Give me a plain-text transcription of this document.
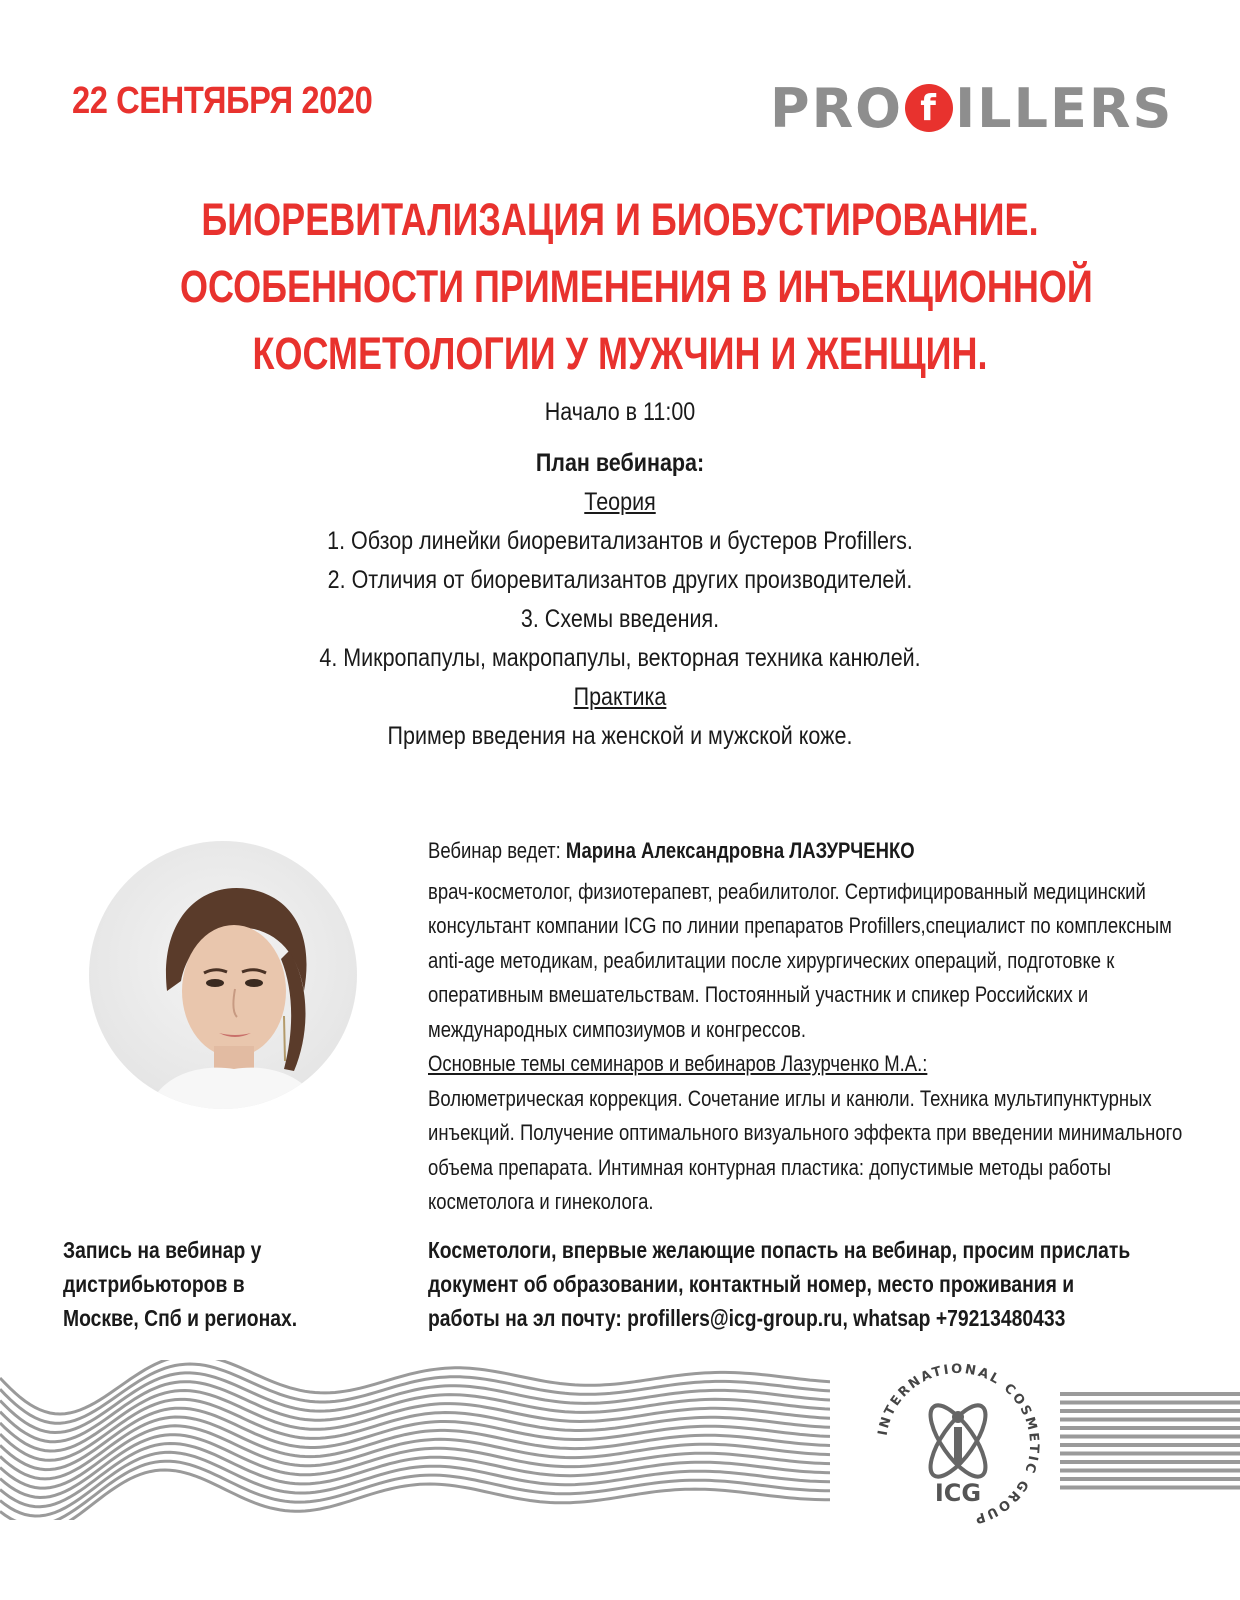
22 СЕНТЯБРЯ 2020	PRO f ILLERS
БИОРЕВИТАЛИЗАЦИЯ И БИОБУСТИРОВАНИЕ.
ОСОБЕННОСТИ ПРИМЕНЕНИЯ В ИНЪЕКЦИОННОЙ
КОСМЕТОЛОГИИ У МУЖЧИН И ЖЕНЩИН.
Начало в 11:00
План вебинара:
Теория
1. Обзор линейки биоревитализантов и бустеров Profillers.
2. Отличия от биоревитализантов других производителей.
3. Схемы введения.
4. Микропапулы, макропапулы, векторная техника канюлей.
Практика
Пример введения на женской и мужской коже.
Вебинар ведет: Марина Александровна ЛАЗУРЧЕНКО
врач-косметолог, физиотерапевт, реабилитолог. Сертифицированный медицинский
консультант компании ICG по линии препаратов Profillers,специалист по комплексным
anti-age методикам, реабилитации после хирургических операций, подготовке к
оперативным вмешательствам. Постоянный участник и спикер Российских и
международных симпозиумов и конгрессов.
Основные темы семинаров и вебинаров Лазурченко М.А.:
Волюметрическая коррекция. Сочетание иглы и канюли. Техника мультипунктурных
инъекций. Получение оптимального визуального эффекта при введении минимального
объема препарата. Интимная контурная пластика: допустимые методы работы
косметолога и гинеколога.
Запись на вебинар у
дистрибьюторов в
Москве, Спб и регионах.
Косметологи, впервые желающие попасть на вебинар, просим прислать
документ об образовании, контактный номер, место проживания и
работы на эл почту: profillers@icg-group.ru, whatsap +79213480433
INTERNATIONAL COSMETIC GROUP
ICG
